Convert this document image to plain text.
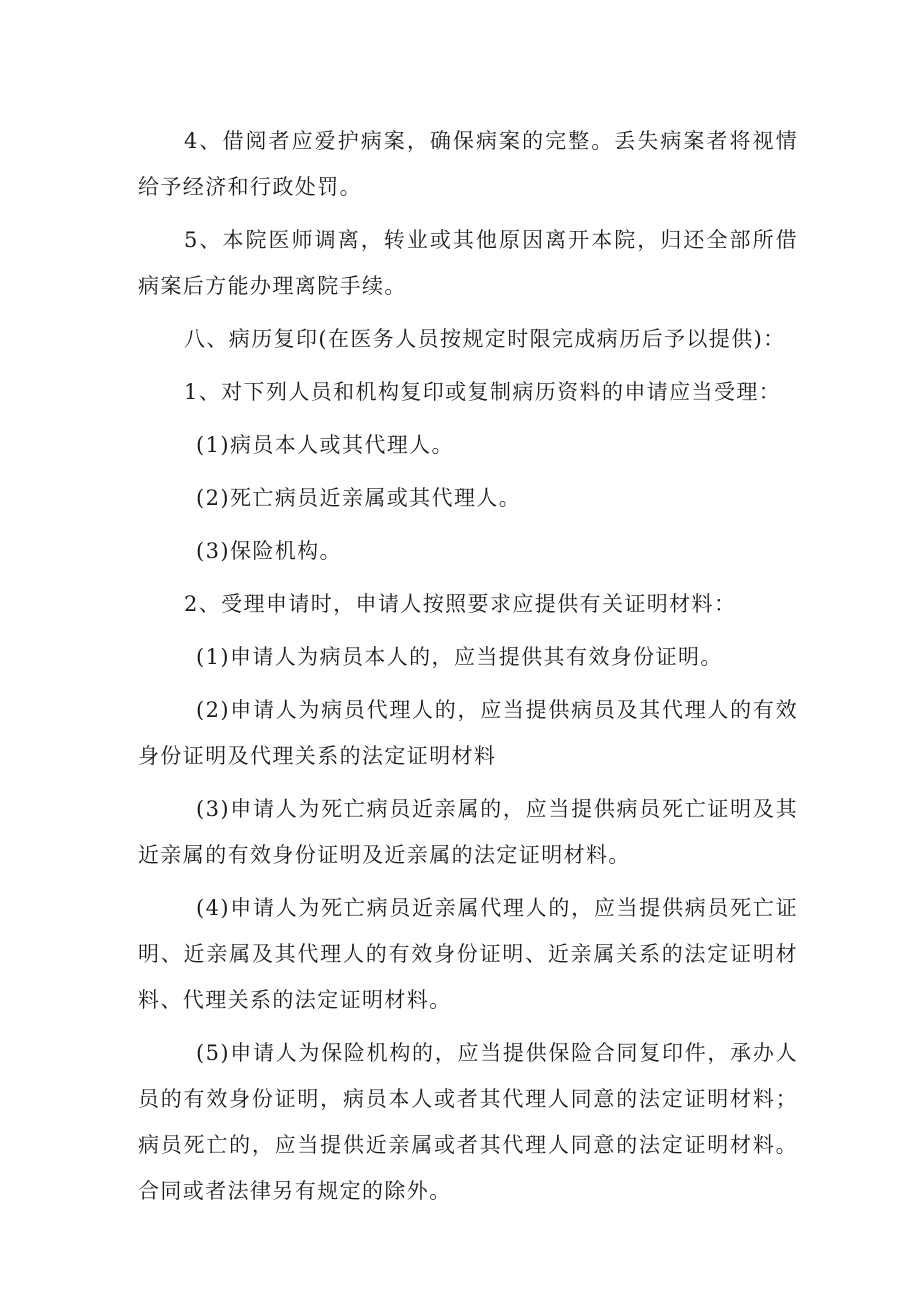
4、借阅者应爱护病案，确保病案的完整。丢失病案者将视情给予经济和行政处罚。

5、本院医师调离，转业或其他原因离开本院，归还全部所借病案后方能办理离院手续。

八、病历复印(在医务人员按规定时限完成病历后予以提供)：

1、对下列人员和机构复印或复制病历资料的申请应当受理：

(1)病员本人或其代理人。

(2)死亡病员近亲属或其代理人。

(3)保险机构。

2、受理申请时，申请人按照要求应提供有关证明材料：

(1)申请人为病员本人的，应当提供其有效身份证明。

(2)申请人为病员代理人的，应当提供病员及其代理人的有效身份证明及代理关系的法定证明材料

(3)申请人为死亡病员近亲属的，应当提供病员死亡证明及其近亲属的有效身份证明及近亲属的法定证明材料。

(4)申请人为死亡病员近亲属代理人的，应当提供病员死亡证明、近亲属及其代理人的有效身份证明、近亲属关系的法定证明材料、代理关系的法定证明材料。

(5)申请人为保险机构的，应当提供保险合同复印件，承办人员的有效身份证明，病员本人或者其代理人同意的法定证明材料；病员死亡的，应当提供近亲属或者其代理人同意的法定证明材料。合同或者法律另有规定的除外。
